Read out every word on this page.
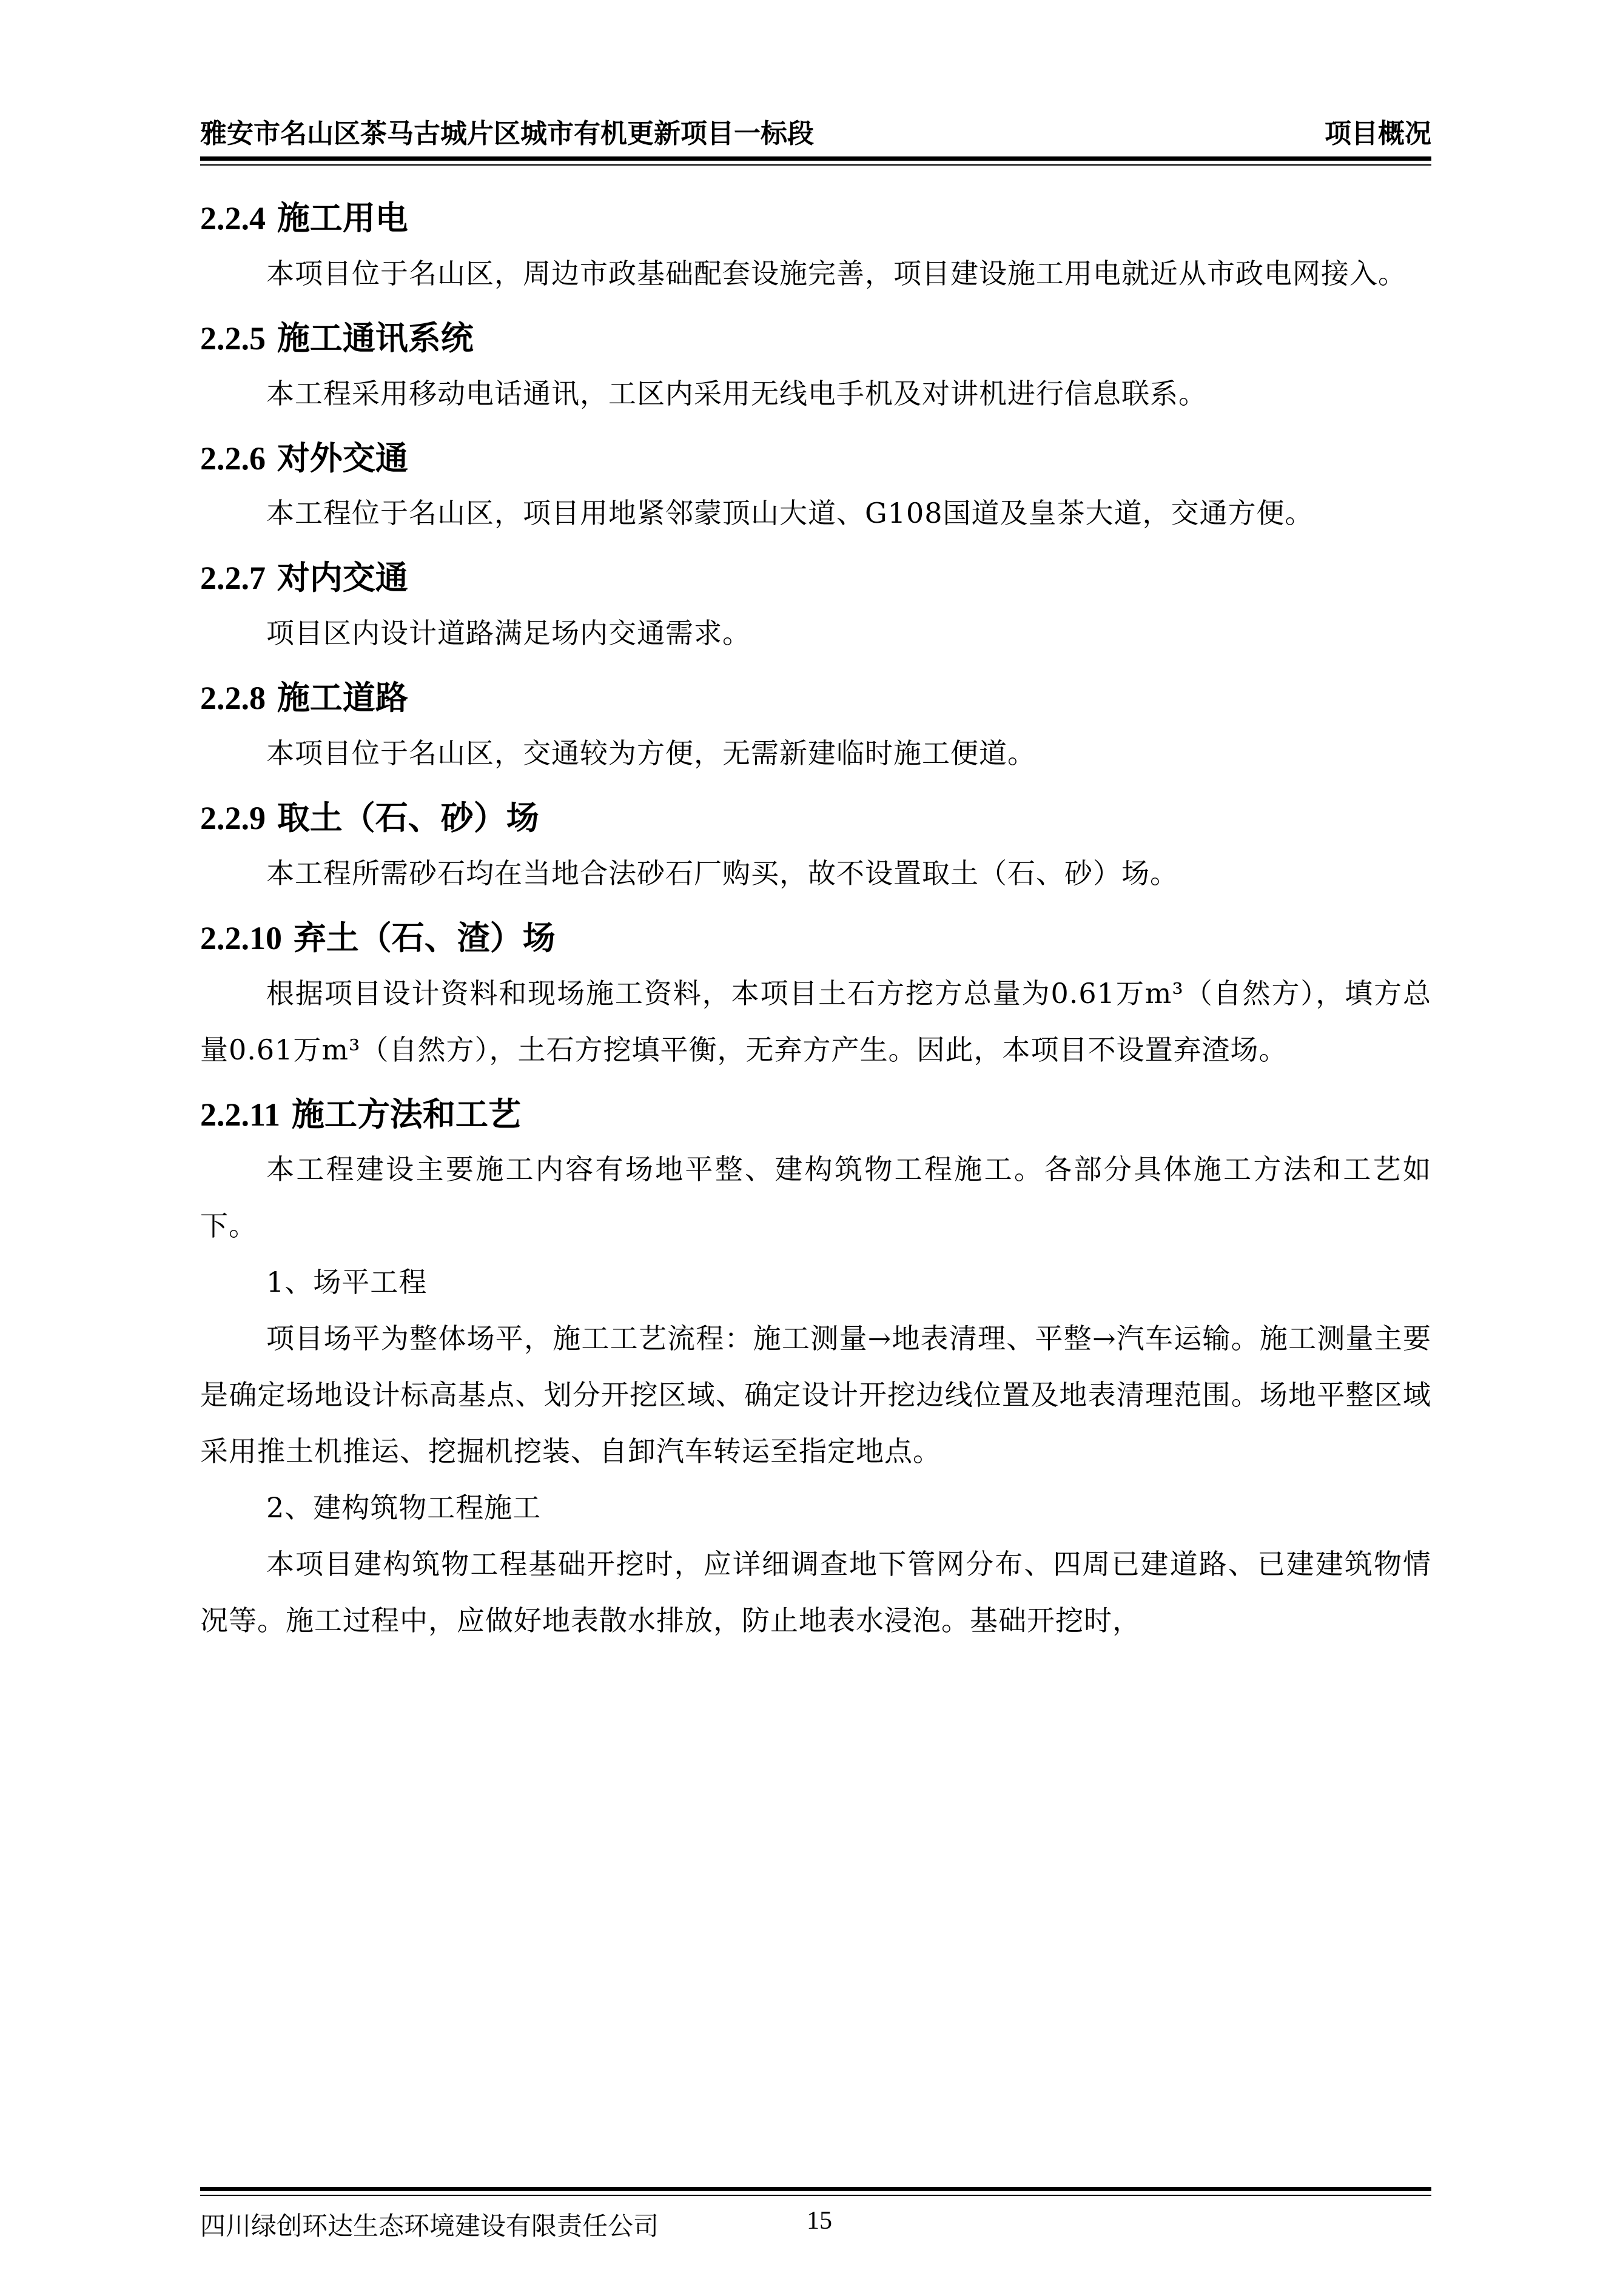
雅安市名山区茶马古城片区城市有机更新项目一标段	项目概况
2.2.4 施工用电

本项目位于名山区，周边市政基础配套设施完善，项目建设施工用电就近从市政电网接入。

2.2.5 施工通讯系统

本工程采用移动电话通讯，工区内采用无线电手机及对讲机进行信息联系。

2.2.6 对外交通

本工程位于名山区，项目用地紧邻蒙顶山大道、G108国道及皇茶大道，交通方便。

2.2.7 对内交通

项目区内设计道路满足场内交通需求。

2.2.8 施工道路

本项目位于名山区，交通较为方便，无需新建临时施工便道。

2.2.9 取土（石、砂）场

本工程所需砂石均在当地合法砂石厂购买，故不设置取土（石、砂）场。

2.2.10 弃土（石、渣）场

根据项目设计资料和现场施工资料，本项目土石方挖方总量为0.61万m³（自然方），填方总量0.61万m³（自然方），土石方挖填平衡，无弃方产生。因此，本项目不设置弃渣场。

2.2.11 施工方法和工艺

本工程建设主要施工内容有场地平整、建构筑物工程施工。各部分具体施工方法和工艺如下。

1、场平工程

项目场平为整体场平，施工工艺流程：施工测量→地表清理、平整→汽车运输。施工测量主要是确定场地设计标高基点、划分开挖区域、确定设计开挖边线位置及地表清理范围。场地平整区域采用推土机推运、挖掘机挖装、自卸汽车转运至指定地点。

2、建构筑物工程施工

本项目建构筑物工程基础开挖时，应详细调查地下管网分布、四周已建道路、已建建筑物情况等。施工过程中，应做好地表散水排放，防止地表水浸泡。基础开挖时，

四川绿创环达生态环境建设有限责任公司	15
